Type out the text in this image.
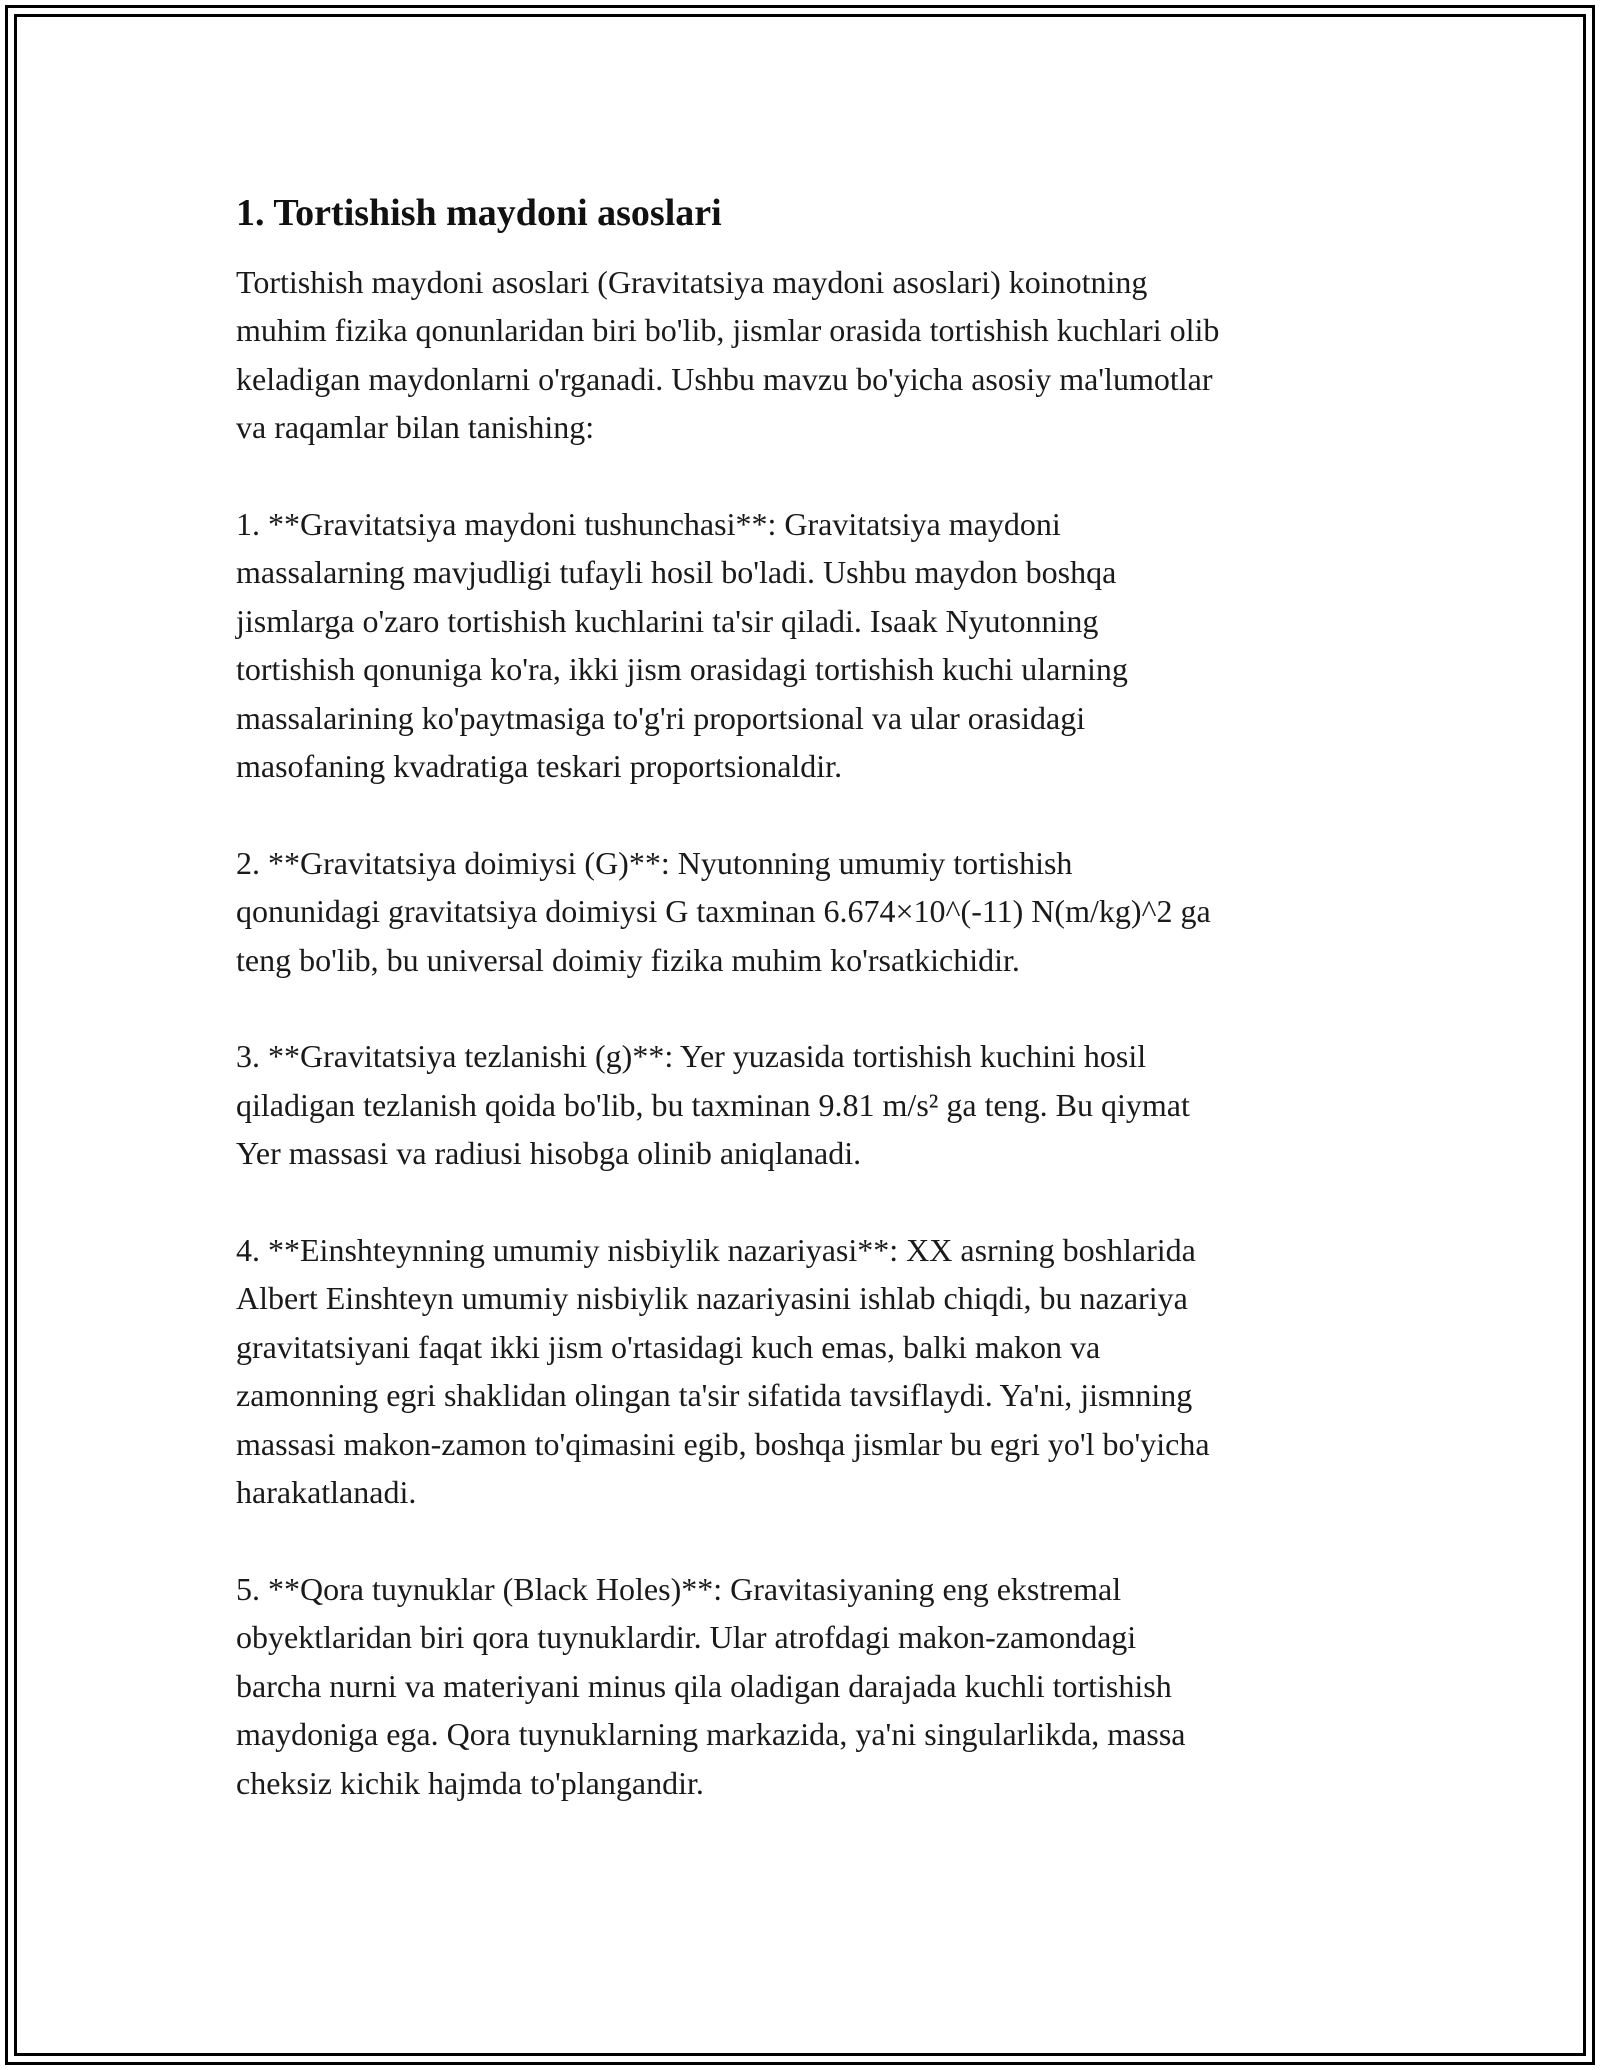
1. Tortishish maydoni asoslari

Tortishish maydoni asoslari (Gravitatsiya maydoni asoslari) koinotning
muhim fizika qonunlaridan biri bo'lib, jismlar orasida tortishish kuchlari olib
keladigan maydonlarni o'rganadi. Ushbu mavzu bo'yicha asosiy ma'lumotlar
va raqamlar bilan tanishing:

1. **Gravitatsiya maydoni tushunchasi**: Gravitatsiya maydoni
massalarning mavjudligi tufayli hosil bo'ladi. Ushbu maydon boshqa
jismlarga o'zaro tortishish kuchlarini ta'sir qiladi. Isaak Nyutonning
tortishish qonuniga ko'ra, ikki jism orasidagi tortishish kuchi ularning
massalarining ko'paytmasiga to'g'ri proportsional va ular orasidagi
masofaning kvadratiga teskari proportsionaldir.

2. **Gravitatsiya doimiysi (G)**: Nyutonning umumiy tortishish
qonunidagi gravitatsiya doimiysi G taxminan 6.674×10^(-11) N(m/kg)^2 ga
teng bo'lib, bu universal doimiy fizika muhim ko'rsatkichidir.

3. **Gravitatsiya tezlanishi (g)**: Yer yuzasida tortishish kuchini hosil
qiladigan tezlanish qoida bo'lib, bu taxminan 9.81 m/s² ga teng. Bu qiymat
Yer massasi va radiusi hisobga olinib aniqlanadi.

4. **Einshteynning umumiy nisbiylik nazariyasi**: XX asrning boshlarida
Albert Einshteyn umumiy nisbiylik nazariyasini ishlab chiqdi, bu nazariya
gravitatsiyani faqat ikki jism o'rtasidagi kuch emas, balki makon va
zamonning egri shaklidan olingan ta'sir sifatida tavsiflaydi. Ya'ni, jismning
massasi makon-zamon to'qimasini egib, boshqa jismlar bu egri yo'l bo'yicha
harakatlanadi.

5. **Qora tuynuklar (Black Holes)**: Gravitasiyaning eng ekstremal
obyektlaridan biri qora tuynuklardir. Ular atrofdagi makon-zamondagi
barcha nurni va materiyani minus qila oladigan darajada kuchli tortishish
maydoniga ega. Qora tuynuklarning markazida, ya'ni singularlikda, massa
cheksiz kichik hajmda to'plangandir.
